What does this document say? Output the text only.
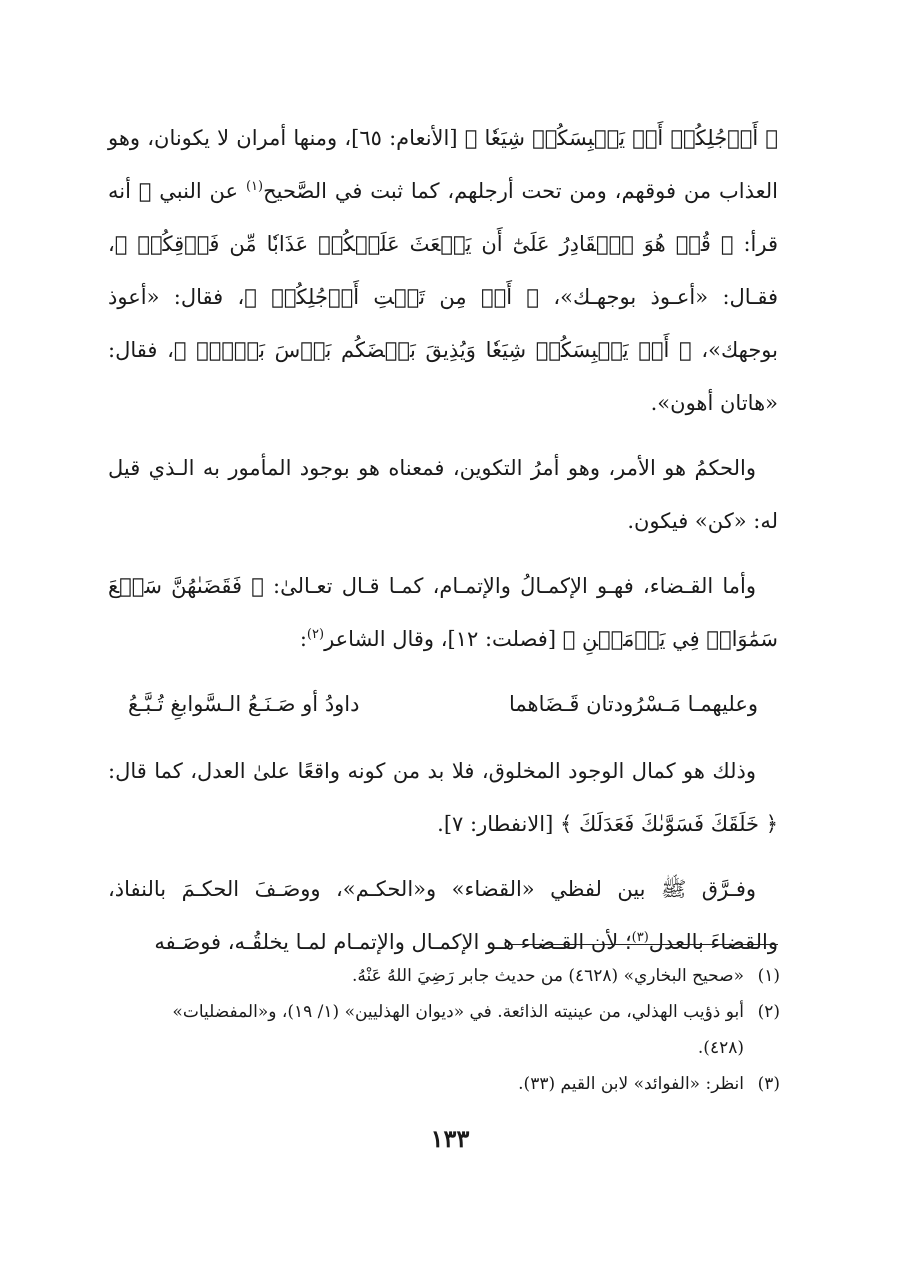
﴿ أَرۡجُلِكُمۡ أَوۡ يَلۡبِسَكُمۡ شِيَعٗا ﴾ [الأنعام: ٦٥]، ومنها أمران لا يكونان، وهو العذاب من فوقهم، ومن تحت أرجلهم، كما ثبت في الصَّحيح$^{(١)}$ عن النبي ﷺ أنه قرأ: ﴿ قُلۡ هُوَ ٱلۡقَادِرُ عَلَىٰٓ أَن يَبۡعَثَ عَلَيۡكُمۡ عَذَابٗا مِّن فَوۡقِكُمۡ ﴾، فقـال: «أعـوذ بوجهـك»، ﴿ أَوۡ مِن تَحۡتِ أَرۡجُلِكُمۡ ﴾، فقال: «أعوذ بوجهك»، ﴿ أَوۡ يَلۡبِسَكُمۡ شِيَعٗا وَيُذِيقَ بَعۡضَكُم بَأۡسَ بَعۡضٍۗ ﴾، فقال: «هاتان أهون».

والحكمُ هو الأمر، وهو أمرُ التكوين، فمعناه هو بوجود المأمور به الـذي قيل له: «كن» فيكون.

وأما القـضاء، فهـو الإكمـالُ والإتمـام، كمـا قـال تعـالىٰ: ﴿ فَقَضَىٰهُنَّ سَبۡعَ سَمَٰوَاتٖ فِي يَوۡمَيۡنِ ﴾ [فصلت: ١٢]، وقال الشاعر$^{(٢)}$:

وعليهمـا مَـسْرُودتان قَـضَاهما
داودُ أو صَـنَـعُ الـسَّوابغِ تُـبَّـعُ

وذلك هو كمال الوجود المخلوق، فلا بد من كونه واقعًا علىٰ العدل، كما قال: ﴿ خَلَقَكَ فَسَوَّىٰكَ فَعَدَلَكَ ﴾ [الانفطار: ٧].

وفـرَّق ﷺ بين لفظي «القضاء» و«الحكـم»، ووصَـفَ الحكـمَ بالنفاذ، والقضاءَ بالعدل$^{(٣)}$؛ لأن القـضاء هـو الإكمـال والإتمـام لمـا يخلقُـه، فوصَـفه

(١)
«صحيح البخاري» (٤٦٢٨) من حديث جابر رَضِيَ اللهُ عَنْهُ.
(٢)
أبو ذؤيب الهذلي، من عينيته الذائعة. في «ديوان الهذليين» (١/ ١٩)، و«المفضليات»
(٤٢٨).
(٣)
انظر: «الفوائد» لابن القيم (٣٣).
١٣٣
